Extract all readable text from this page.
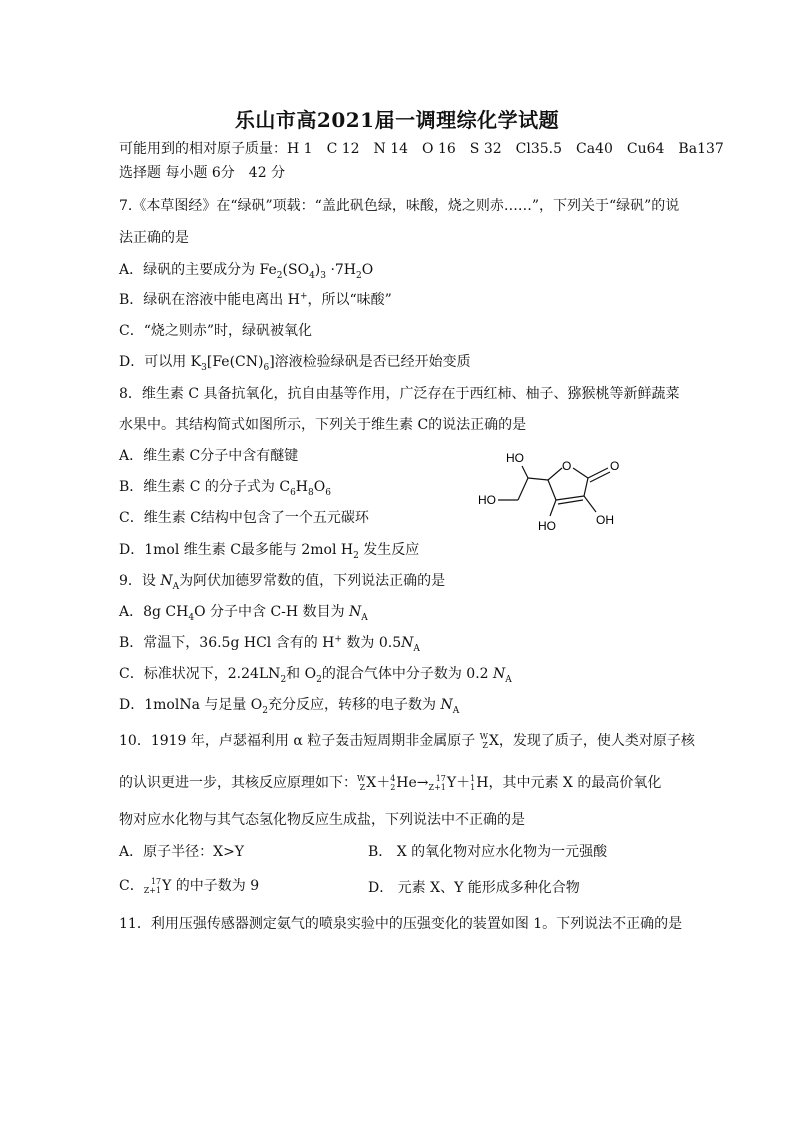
乐山市高2021届一调理综化学试题
可能用到的相对原子质量：H 1　C 12　N 14　O 16　S 32　Cl35.5　Ca40　Cu64　Ba137
选择题 每小题 6分　42 分
7.《本草图经》在“绿矾”项载：“盖此矾色绿，味酸，烧之则赤……”，下列关于“绿矾”的说
法正确的是
A．绿矾的主要成分为 $Fe_2(SO_4)_3 \cdot 7H_2O$
B．绿矾在溶液中能电离出 H+，所以“味酸”
C．“烧之则赤”时，绿矾被氧化
D．可以用 $K_3[Fe(CN)_6]$溶液检验绿矾是否已经开始变质
8．维生素 C 具备抗氧化，抗自由基等作用，广泛存在于西红柿、柚子、猕猴桃等新鲜蔬菜
水果中。其结构简式如图所示，下列关于维生素 C的说法正确的是
A．维生素 C分子中含有醚键
B．维生素 C 的分子式为 $C_6H_8O_6$
C．维生素 C结构中包含了一个五元碳环
D．1mol 维生素 C最多能与 2mol $H_2$ 发生反应
HO
O	O
HO
HO	OH
9．设 $N_A$为阿伏加德罗常数的值，下列说法正确的是
A．8g $CH_4O$ 分子中含 C-H 数目为 $N_A$
B．常温下，36.5g HCl 含有的 H+ 数为 $0.5N_A$
C．标准状况下，$2.24LN_2$和 $O_2$的混合气体中分子数为 0.2 $N_A$
D．1molNa 与足量 $O_2$充分反应，转移的电子数为 $N_A$
10．1919 年，卢瑟福利用 α 粒子轰击短周期非金属原子 W
Z X ，发现了质子，使人类对原子核
的认识更进一步，其核反应原理如下： W
Z X ＋ 4
2 He → 17
Z+1 Y ＋ 1
1 H ，其中元素 X 的最高价氧化
物对应水化物与其气态氢化物反应生成盐，下列说法中不正确的是
A．原子半径：X>Y	B． X 的氧化物对应水化物为一元强酸
C． 17
Z+1 Y 的中子数为 9	D． 元素 X、Y 能形成多种化合物
11．利用压强传感器测定氨气的喷泉实验中的压强变化的装置如图 1。下列说法不正确的是
